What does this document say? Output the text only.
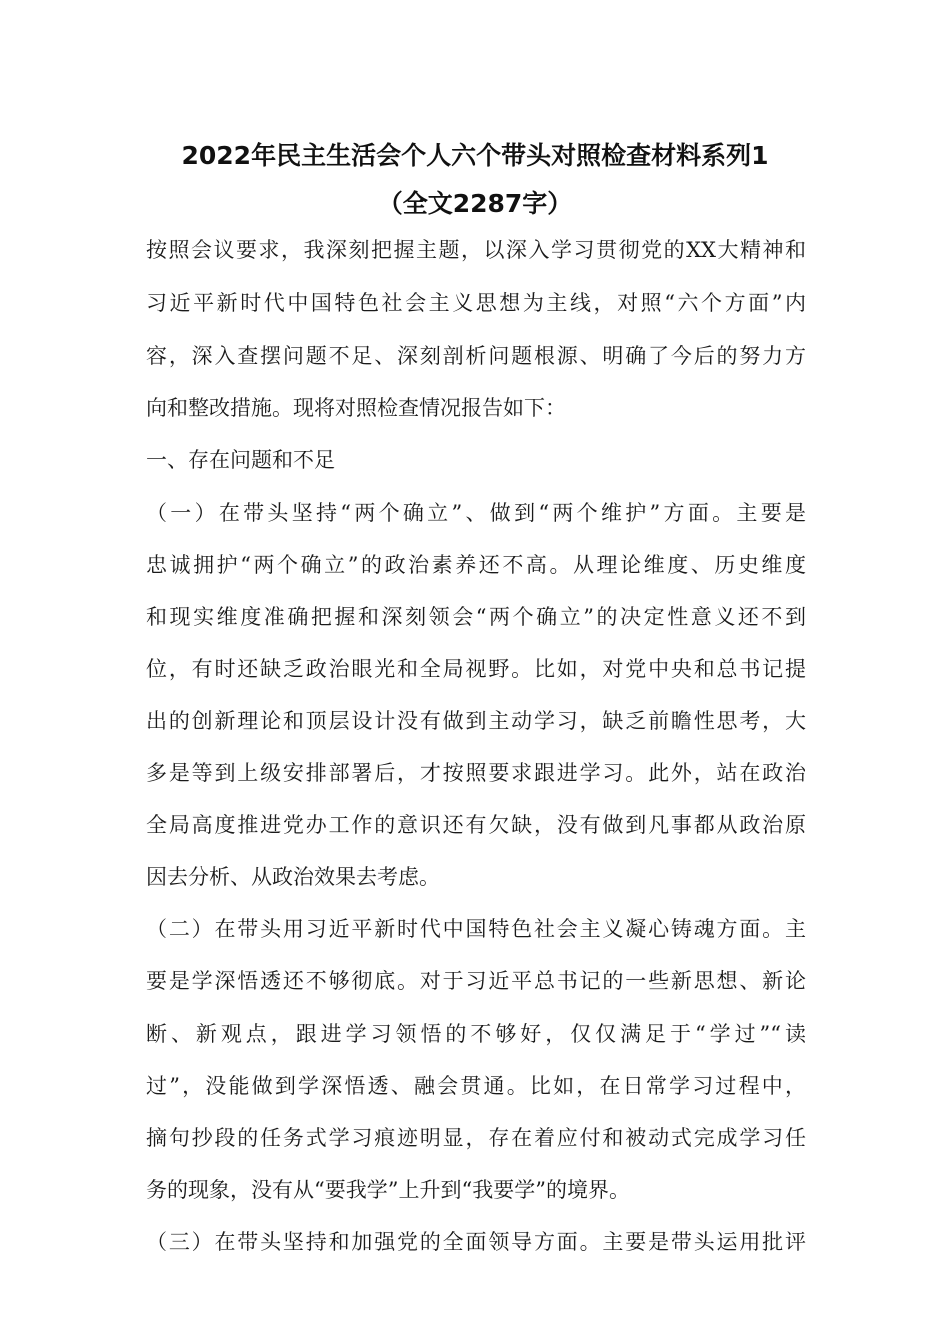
2022年民主生活会个人六个带头对照检查材料系列1
（全文2287字）
按照会议要求，我深刻把握主题，以深入学习贯彻党的XX大精神和
习近平新时代中国特色社会主义思想为主线，对照“六个方面”内
容，深入查摆问题不足、深刻剖析问题根源、明确了今后的努力方
向和整改措施。现将对照检查情况报告如下：
一、存在问题和不足
（一）在带头坚持“两个确立”、做到“两个维护”方面。主要是
忠诚拥护“两个确立”的政治素养还不高。从理论维度、历史维度
和现实维度准确把握和深刻领会“两个确立”的决定性意义还不到
位，有时还缺乏政治眼光和全局视野。比如，对党中央和总书记提
出的创新理论和顶层设计没有做到主动学习，缺乏前瞻性思考，大
多是等到上级安排部署后，才按照要求跟进学习。此外，站在政治
全局高度推进党办工作的意识还有欠缺，没有做到凡事都从政治原
因去分析、从政治效果去考虑。
（二）在带头用习近平新时代中国特色社会主义凝心铸魂方面。主
要是学深悟透还不够彻底。对于习近平总书记的一些新思想、新论
断、新观点，跟进学习领悟的不够好，仅仅满足于“学过”“读
过”，没能做到学深悟透、融会贯通。比如，在日常学习过程中，
摘句抄段的任务式学习痕迹明显，存在着应付和被动式完成学习任
务的现象，没有从“要我学”上升到“我要学”的境界。
（三）在带头坚持和加强党的全面领导方面。主要是带头运用批评
